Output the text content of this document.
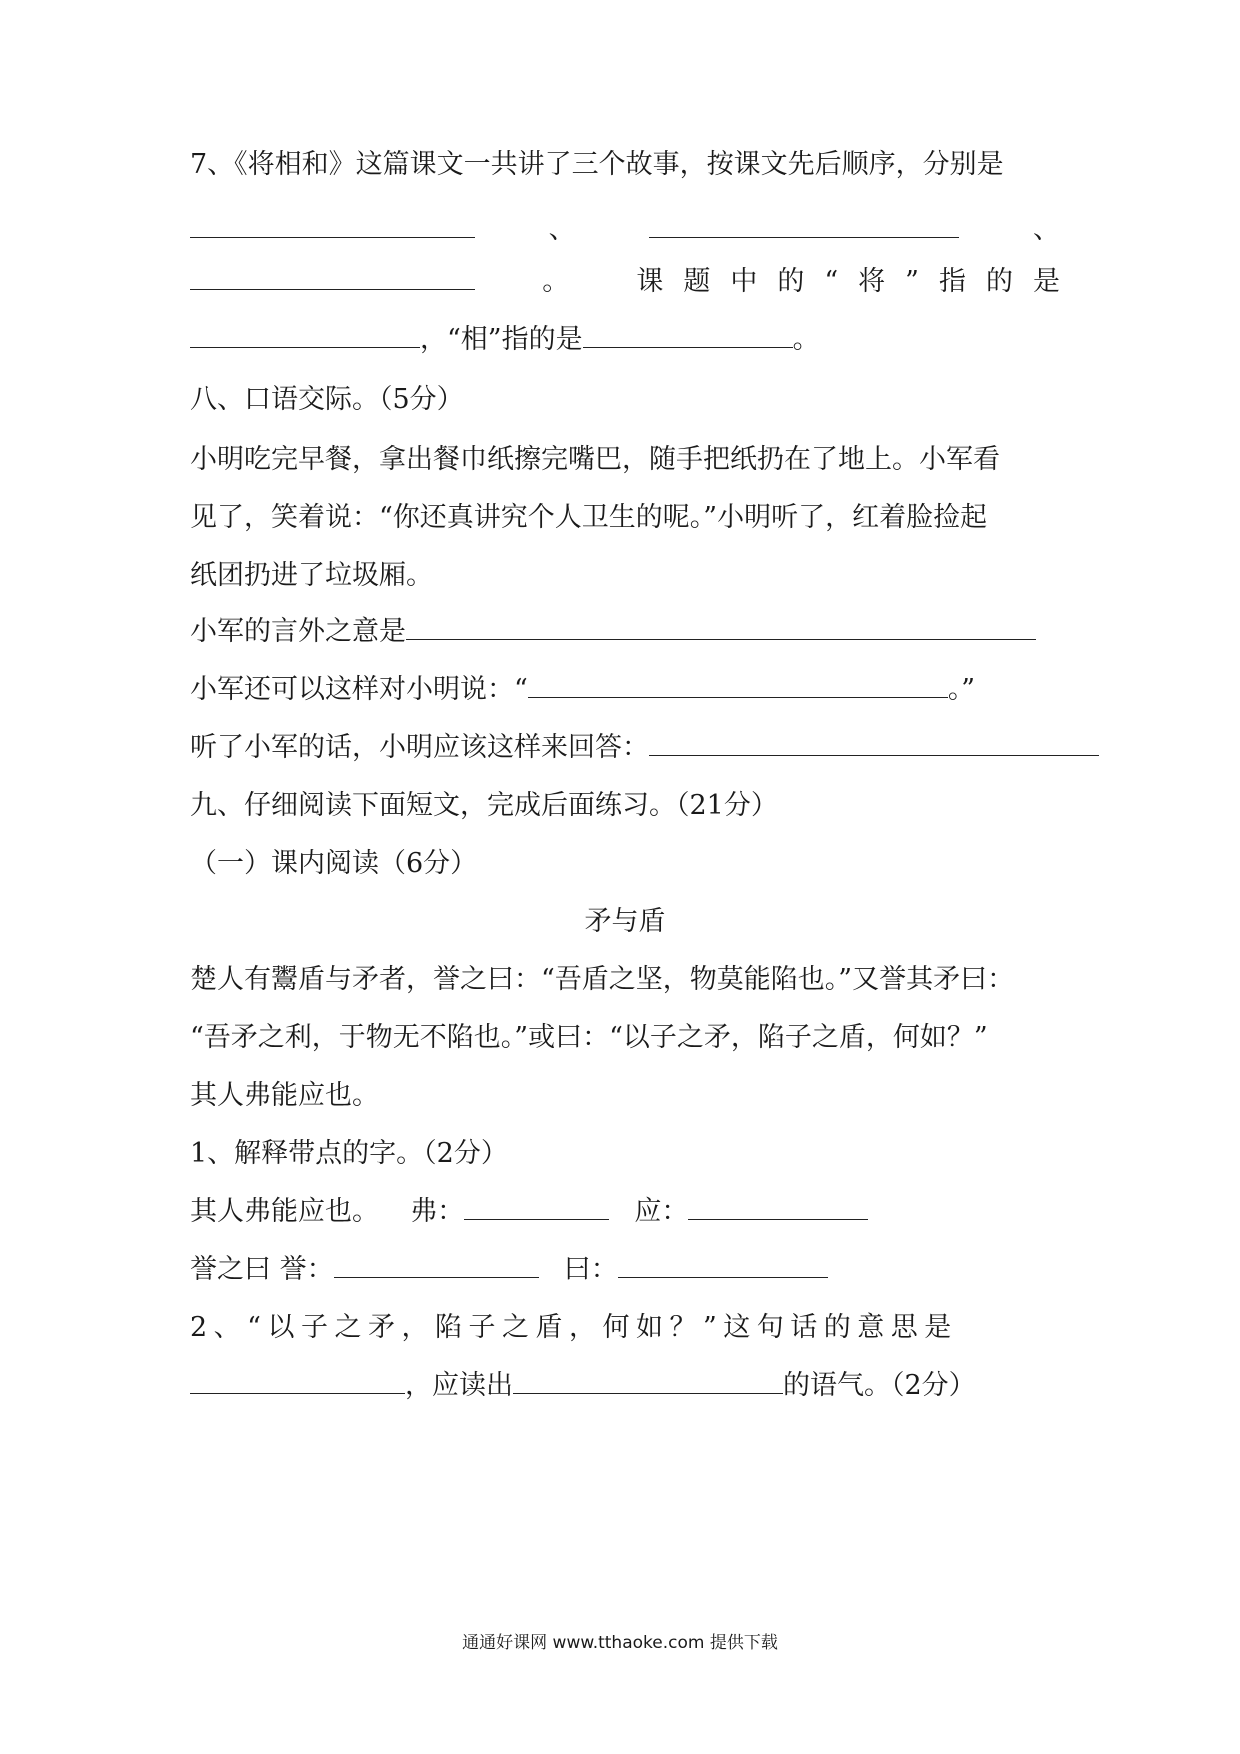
7、《将相和》这篇课文一共讲了三个故事，按课文先后顺序，分别是
、	、
。 课题中的“将”指的是
，“相”指的是	。
八、口语交际。（5分）
小明吃完早餐，拿出餐巾纸擦完嘴巴，随手把纸扔在了地上。小军看
见了，笑着说：“你还真讲究个人卫生的呢。”小明听了，红着脸捡起
纸团扔进了垃圾厢。
小军的言外之意是
小军还可以这样对小明说：“	。”
听了小军的话，小明应该这样来回答：
九、仔细阅读下面短文，完成后面练习。（21分）
（一）课内阅读（6分）
矛与盾
楚人有鬻盾与矛者，誉之曰：“吾盾之坚，物莫能陷也。”又誉其矛曰：
“吾矛之利，于物无不陷也。”或曰：“以子之矛，陷子之盾，何如？”
其人弗能应也。
1、解释带点的字。（2分）
其人弗能应也。 弗：	应：
誉之曰 誉：	曰：
2、“以子之矛，陷子之盾，何如？”这句话的意思是
，应读出	的语气。（2分）
通通好课网 www.tthaoke.com 提供下载
